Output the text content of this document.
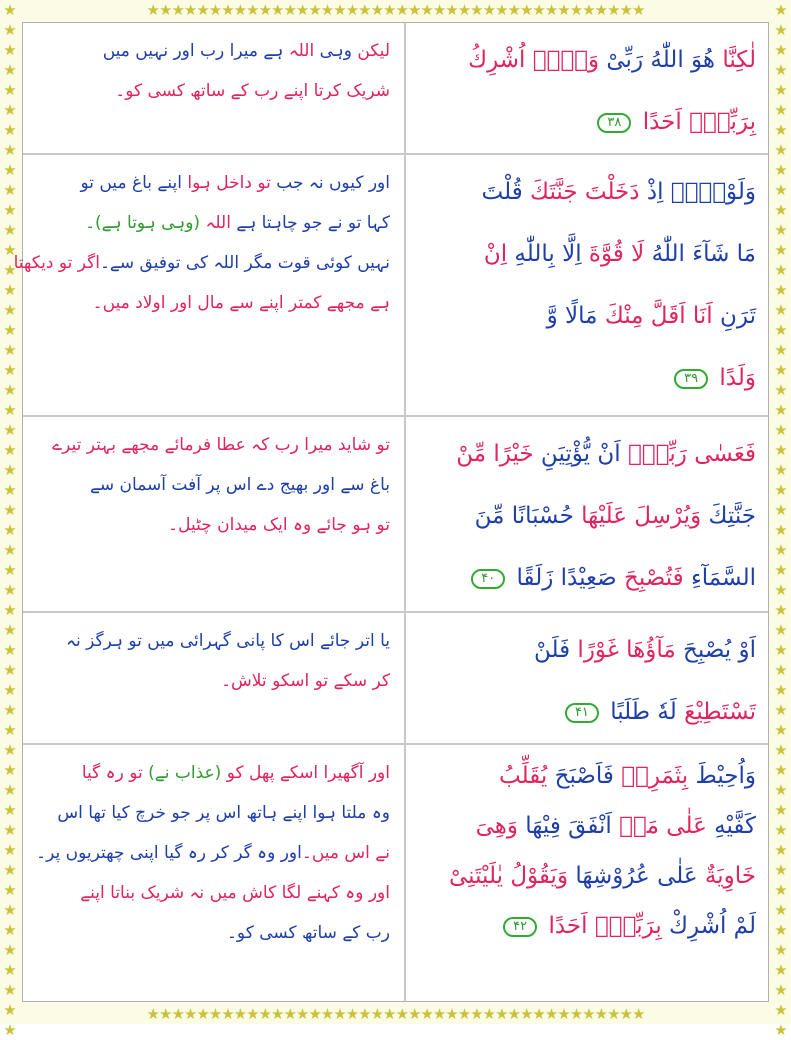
★★★★★★★★★★★★★★★★★★★★★★★★★★★★★★★★★★★★★★★★
★★★★★★★★★★★★★★★★★★★★★★★★★★★★★★★★★★★★★★★★
★
★
★
★
★
★
★
★
★
★
★
★
★
★
★
★
★
★
★
★
★
★
★
★
★
★
★
★
★
★
★
★
★
★
★
★
★
★
★
★
★
★
★
★
★
★
★
★
★
★
★
★
★
★
★
★
★
★
★
★
★
★
★
★
★
★
★
★
★
★
★
★
★
★
★
★
★
★
★
★
★
★
★
★
★
★
★
★
★
★
★
★
★
★
★
★
★
★
★
★
★
★
★
★
لیکن وہی اللہ ہے میرا رب اور نہیں میں
شریک کرتا اپنے رب کے ساتھ کسی کو۔
لٰكِنَّا هُوَ اللّٰهُ رَبِّیْ وَلَاۤ اُشْرِكُ
بِرَبِّیْۤ اَحَدًا ۳۸
اور کیوں نہ جب تو داخل ہوا اپنے باغ میں تو
کہا تو نے جو چاہتا ہے اللہ (وہی ہوتا ہے)۔
نہیں کوئی قوت مگر اللہ کی توفیق سے۔اگر تو دیکھتا
ہے مجھے کمتر اپنے سے مال اور اولاد میں۔
وَلَوْلَاۤ اِذْ دَخَلْتَ جَنَّتَكَ قُلْتَ
مَا شَآءَ اللّٰهُ لَا قُوَّةَ اِلَّا بِاللّٰهِ اِنْ
تَرَنِ اَنَا اَقَلَّ مِنْكَ مَالًا وَّ
وَلَدًا ۳۹
تو شاید میرا رب کہ عطا فرمائے مجھے بہتر تیرے
باغ سے اور بھیج دے اس پر آفت آسمان سے
تو ہو جائے وہ ایک میدان چٹیل۔
فَعَسٰی رَبِّیْۤ اَنْ يُّؤْتِيَنِ خَيْرًا مِّنْ
جَنَّتِكَ وَيُرْسِلَ عَلَيْهَا حُسْبَانًا مِّنَ
السَّمَآءِ فَتُصْبِحَ صَعِيْدًا زَلَقًا ۴۰
یا اتر جائے اس کا پانی گہرائی میں تو ہرگز نہ
کر سکے تو اسکو تلاش۔
اَوْ يُصْبِحَ مَآؤُهَا غَوْرًا فَلَنْ
تَسْتَطِيْعَ لَهٗ طَلَبًا ۴۱
اور آگھیرا اسکے پھل کو (عذاب نے) تو رہ گیا
وہ ملتا ہوا اپنے ہاتھ اس پر جو خرچ کیا تھا اس
نے اس میں۔اور وہ گر کر رہ گیا اپنی چھتریوں پر۔
اور وہ کہنے لگا کاش میں نہ شریک بناتا اپنے
رب کے ساتھ کسی کو۔
وَاُحِيْطَ بِثَمَرِهٖ فَاَصْبَحَ يُقَلِّبُ
كَفَّيْهِ عَلٰی مَاۤ اَنْفَقَ فِيْهَا وَهِیَ
خَاوِيَةٌ عَلٰی عُرُوْشِهَا وَيَقُوْلُ يٰلَيْتَنِیْ
لَمْ اُشْرِكْ بِرَبِّیْۤ اَحَدًا ۴۲
